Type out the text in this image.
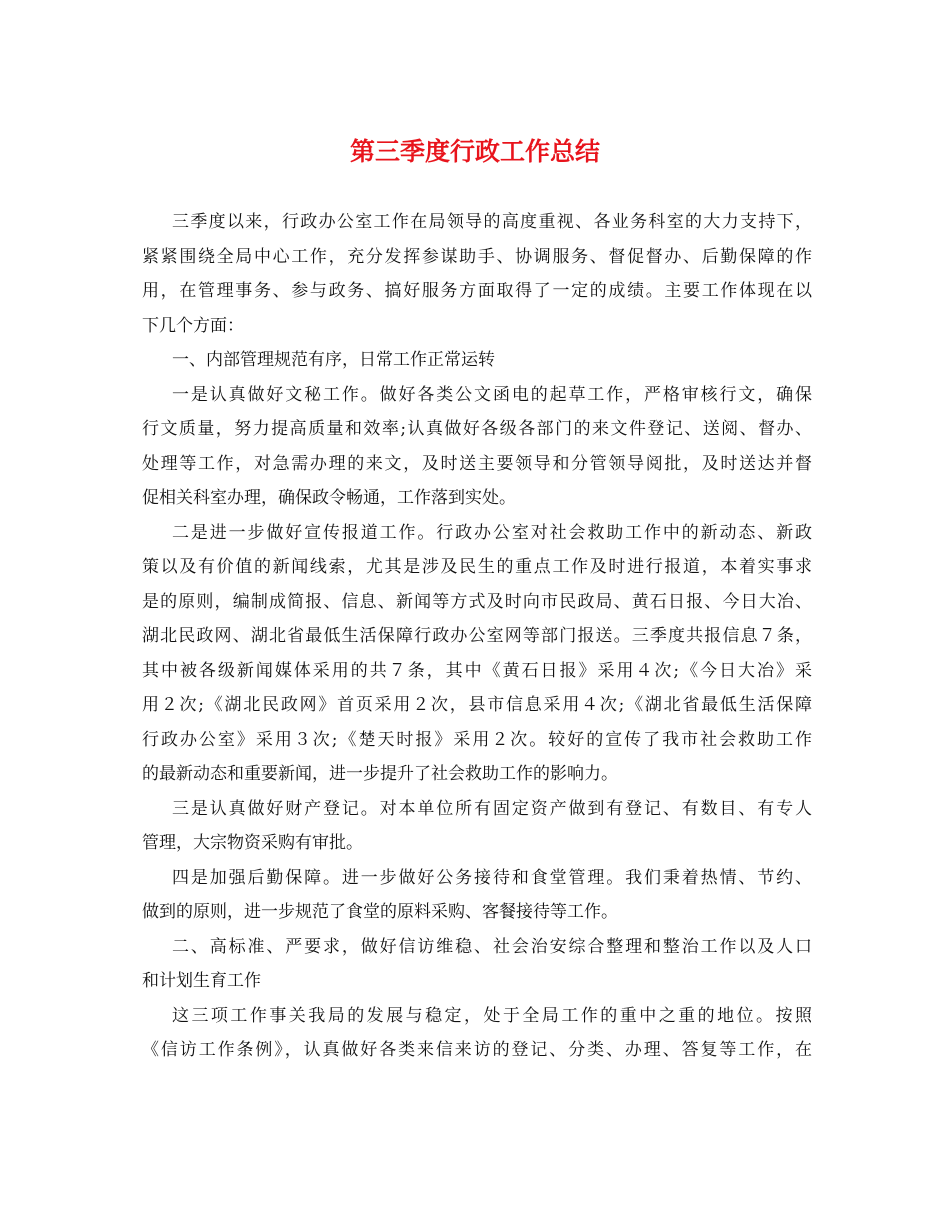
第三季度行政工作总结
三季度以来，行政办公室工作在局领导的高度重视、各业务科室的大力支持下，
紧紧围绕全局中心工作，充分发挥参谋助手、协调服务、督促督办、后勤保障的作
用，在管理事务、参与政务、搞好服务方面取得了一定的成绩。主要工作体现在以
下几个方面：
一、内部管理规范有序，日常工作正常运转
一是认真做好文秘工作。做好各类公文函电的起草工作，严格审核行文，确保
行文质量，努力提高质量和效率;认真做好各级各部门的来文件登记、送阅、督办、
处理等工作，对急需办理的来文，及时送主要领导和分管领导阅批，及时送达并督
促相关科室办理，确保政令畅通，工作落到实处。
二是进一步做好宣传报道工作。行政办公室对社会救助工作中的新动态、新政
策以及有价值的新闻线索，尤其是涉及民生的重点工作及时进行报道，本着实事求
是的原则，编制成简报、信息、新闻等方式及时向市民政局、黄石日报、今日大冶、
湖北民政网、湖北省最低生活保障行政办公室网等部门报送。三季度共报信息７条，
其中被各级新闻媒体采用的共７条，其中《黄石日报》采用４次;《今日大冶》采
用２次;《湖北民政网》首页采用２次，县市信息采用４次;《湖北省最低生活保障
行政办公室》采用３次;《楚天时报》采用２次。较好的宣传了我市社会救助工作
的最新动态和重要新闻，进一步提升了社会救助工作的影响力。
三是认真做好财产登记。对本单位所有固定资产做到有登记、有数目、有专人
管理，大宗物资采购有审批。
四是加强后勤保障。进一步做好公务接待和食堂管理。我们秉着热情、节约、
做到的原则，进一步规范了食堂的原料采购、客餐接待等工作。
二、高标准、严要求，做好信访维稳、社会治安综合整理和整治工作以及人口
和计划生育工作
这三项工作事关我局的发展与稳定，处于全局工作的重中之重的地位。按照
《信访工作条例》，认真做好各类来信来访的登记、分类、办理、答复等工作，在
